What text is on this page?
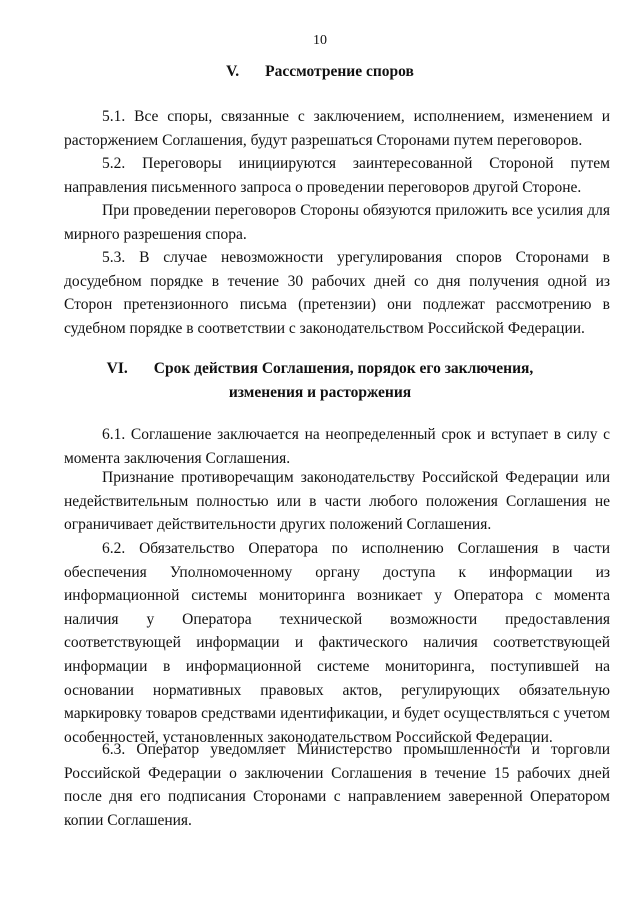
10
V. Рассмотрение споров

5.1. Все споры, связанные с заключением, исполнением, изменением и расторжением Соглашения, будут разрешаться Сторонами путем переговоров.

5.2. Переговоры инициируются заинтересованной Стороной путем направления письменного запроса о проведении переговоров другой Стороне.

При проведении переговоров Стороны обязуются приложить все усилия для мирного разрешения спора.

5.3. В случае невозможности урегулирования споров Сторонами в досудебном порядке в течение 30 рабочих дней со дня получения одной из Сторон претензионного письма (претензии) они подлежат рассмотрению в судебном порядке в соответствии с законодательством Российской Федерации.

VI. Срок действия Соглашения, порядок его заключения,
изменения и расторжения

6.1. Соглашение заключается на неопределенный срок и вступает в силу с момента заключения Соглашения.

Признание противоречащим законодательству Российской Федерации или недействительным полностью или в части любого положения Соглашения не ограничивает действительности других положений Соглашения.

6.2. Обязательство Оператора по исполнению Соглашения в части обеспечения Уполномоченному органу доступа к информации из информационной системы мониторинга возникает у Оператора с момента наличия у Оператора технической возможности предоставления соответствующей информации и фактического наличия соответствующей информации в информационной системе мониторинга, поступившей на основании нормативных правовых актов, регулирующих обязательную маркировку товаров средствами идентификации, и будет осуществляться с учетом особенностей, установленных законодательством Российской Федерации.

6.3. Оператор уведомляет Министерство промышленности и торговли Российской Федерации о заключении Соглашения в течение 15 рабочих дней после дня его подписания Сторонами с направлением заверенной Оператором копии Соглашения.
